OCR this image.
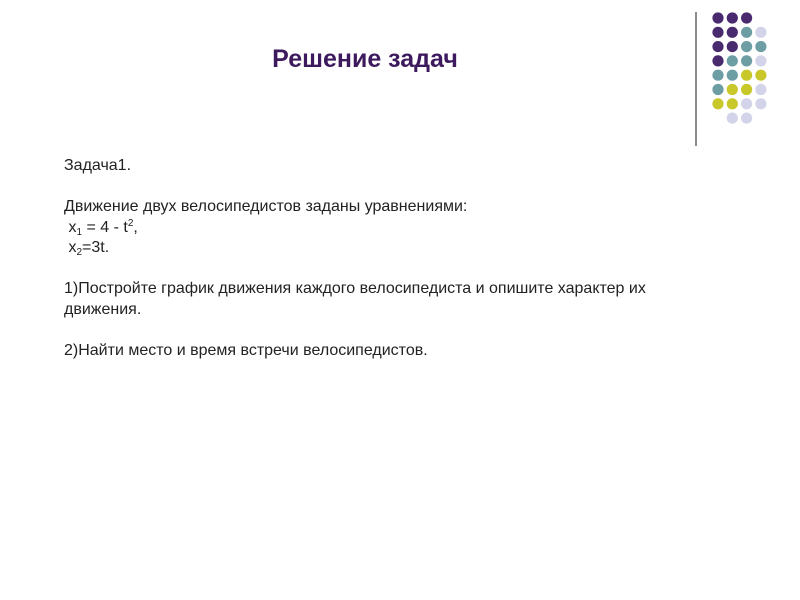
Решение задач

Задача1.

Движение двух велосипедистов заданы уравнениями:

$x_1 = 4 - t^2$,

$x_2=3t$.

1)Постройте график движения каждого велосипедиста и опишите характер их движения.

2)Найти место и время встречи велосипедистов.
